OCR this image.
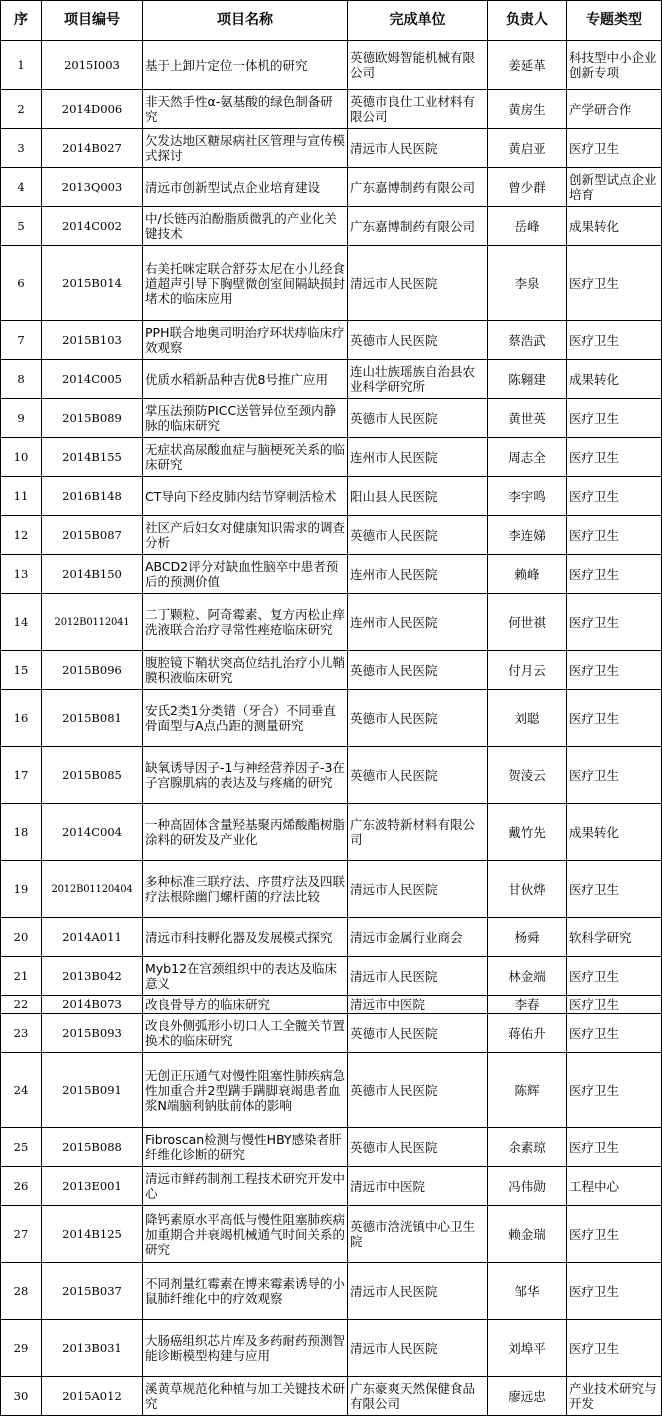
序	项目编号	项目名称	完成单位	负责人	专题类型
1	2015I003	基于上卸片定位一体机的研究	英德欧姆智能机械有限公司	姜延革	科技型中小企业创新专项
2	2014D006	非天然手性α-氨基酸的绿色制备研究	英德市良仕工业材料有限公司	黄房生	产学研合作
3	2014B027	欠发达地区糖尿病社区管理与宣传模式探讨	清远市人民医院	黄启亚	医疗卫生
4	2013Q003	清远市创新型试点企业培育建设	广东嘉博制药有限公司	曾少群	创新型试点企业培育
5	2014C002	中/长链丙泊酚脂质微乳的产业化关键技术	广东嘉博制药有限公司	岳峰	成果转化
6	2015B014	右美托咪定联合舒芬太尼在小儿经食道超声引导下胸壁微创室间隔缺损封堵术的临床应用	清远市人民医院	李泉	医疗卫生
7	2015B103	PPH联合地奥司明治疗环状痔临床疗效观察	英德市人民医院	蔡浩武	医疗卫生
8	2014C005	优质水稻新品种吉优8号推广应用	连山壮族瑶族自治县农业科学研究所	陈翱建	成果转化
9	2015B089	掌压法预防PICC送管异位至颈内静脉的临床研究	英德市人民医院	黄世英	医疗卫生
10	2014B155	无症状高尿酸血症与脑梗死关系的临床研究	连州市人民医院	周志全	医疗卫生
11	2016B148	CT导向下经皮肺内结节穿刺活检术	阳山县人民医院	李宇鸣	医疗卫生
12	2015B087	社区产后妇女对健康知识需求的调查分析	英德市人民医院	李连娣	医疗卫生
13	2014B150	ABCD2评分对缺血性脑卒中患者预后的预测价值	连州市人民医院	赖峰	医疗卫生
14	2012B0112041	二丁颗粒、阿奇霉素、复方丙松止痒洗液联合治疗寻常性痤疮临床研究	连州市人民医院	何世祺	医疗卫生
15	2015B096	腹腔镜下鞘状突高位结扎治疗小儿鞘膜积液临床研究	英德市人民医院	付月云	医疗卫生
16	2015B081	安氏2类1分类错（牙合）不同垂直骨面型与A点凸距的测量研究	英德市人民医院	刘聪	医疗卫生
17	2015B085	缺氧诱导因子-1与神经营养因子-3在子宫腺肌病的表达及与疼痛的研究	英德市人民医院	贺淩云	医疗卫生
18	2014C004	一种高固体含量羟基聚丙烯酸酯树脂涂料的研发及产业化	广东波特新材料有限公司	戴竹先	成果转化
19	2012B01120404	多种标准三联疗法、序贯疗法及四联疗法根除幽门螺杆菌的疗法比较	清远市人民医院	甘伙烨	医疗卫生
20	2014A011	清远市科技孵化器及发展模式探究	清远市金属行业商会	杨舜	软科学研究
21	2013B042	Myb12在宫颈组织中的表达及临床意义	清远市人民医院	林金端	医疗卫生
22	2014B073	改良骨导方的临床研究	清远市中医院	李春	医疗卫生
23	2015B093	改良外侧弧形小切口人工全髋关节置换术的临床研究	英德市人民医院	蒋佑升	医疗卫生
24	2015B091	无创正压通气对慢性阻塞性肺疾病急性加重合并2型蹒手蹒脚衰竭患者血浆N端脑利钠肽前体的影响	英德市人民医院	陈辉	医疗卫生
25	2015B088	Fibroscan检测与慢性HBY感染者肝纤维化诊断的研究	英德市人民医院	余素琼	医疗卫生
26	2013E001	清远市鲜药制剂工程技术研究开发中心	清远市中医院	冯伟勋	工程中心
27	2014B125	降钙素原水平高低与慢性阻塞肺疾病加重期合并衰竭机械通气时间关系的研究	英德市浛洸镇中心卫生院	赖金瑞	医疗卫生
28	2015B037	不同剂量红霉素在博来霉素诱导的小鼠肺纤维化中的疗效观察	清远市人民医院	邹华	医疗卫生
29	2013B031	大肠癌组织芯片库及多药耐药预测智能诊断模型构建与应用	清远市人民医院	刘埠平	医疗卫生
30	2015A012	溪黄草规范化种植与加工关键技术研究	广东豪爽天然保健食品有限公司	廖远忠	产业技术研究与开发
